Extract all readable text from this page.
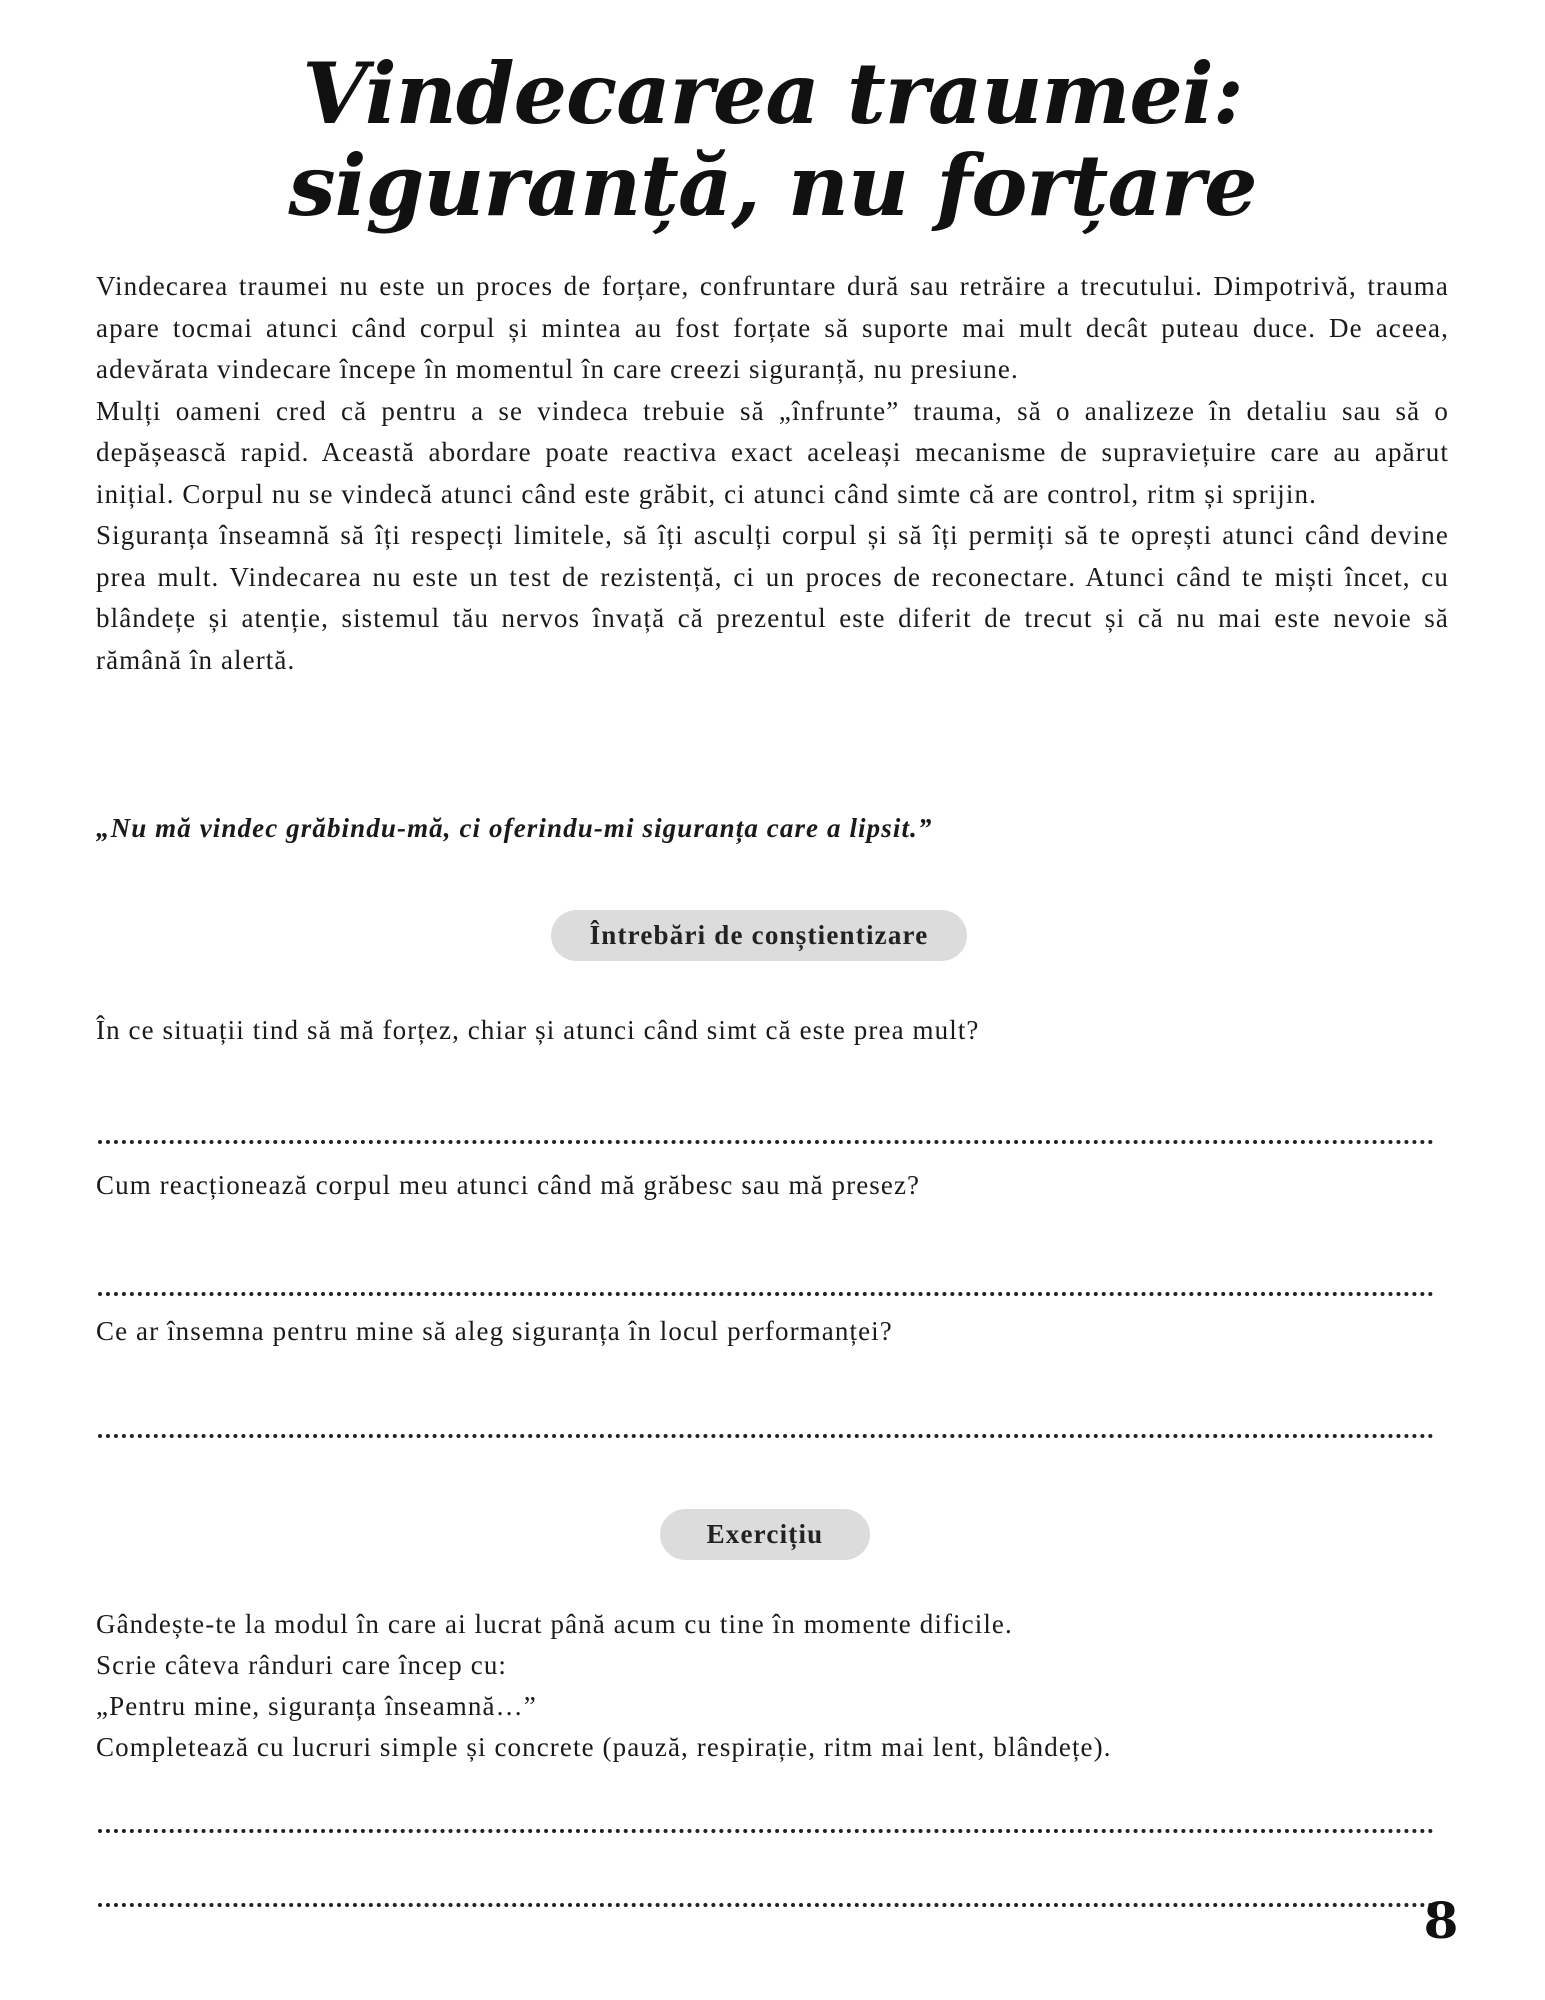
Vindecarea traumei: siguranță, nu forțare

Vindecarea traumei nu este un proces de forțare, confruntare dură sau retrăire a trecutului. Dimpotrivă, trauma apare tocmai atunci când corpul și mintea au fost forțate să suporte mai mult decât puteau duce. De aceea, adevărata vindecare începe în momentul în care creezi siguranță, nu presiune.

Mulți oameni cred că pentru a se vindeca trebuie să „înfrunte” trauma, să o analizeze în detaliu sau să o depășească rapid. Această abordare poate reactiva exact aceleași mecanisme de supraviețuire care au apărut inițial. Corpul nu se vindecă atunci când este grăbit, ci atunci când simte că are control, ritm și sprijin.

Siguranța înseamnă să îți respecți limitele, să îți asculți corpul și să îți permiți să te oprești atunci când devine prea mult. Vindecarea nu este un test de rezistență, ci un proces de reconectare. Atunci când te miști încet, cu blândețe și atenție, sistemul tău nervos învață că prezentul este diferit de trecut și că nu mai este nevoie să rămână în alertă.

„Nu mă vindec grăbindu-mă, ci oferindu-mi siguranța care a lipsit.”

Întrebări de conștientizare

În ce situații tind să mă forțez, chiar și atunci când simt că este prea mult?

Cum reacționează corpul meu atunci când mă grăbesc sau mă presez?

Ce ar însemna pentru mine să aleg siguranța în locul performanței?

Exercițiu
Gândește-te la modul în care ai lucrat până acum cu tine în momente dificile.
Scrie câteva rânduri care încep cu:
„Pentru mine, siguranța înseamnă…”
Completează cu lucruri simple și concrete (pauză, respirație, ritm mai lent, blândețe).
8
